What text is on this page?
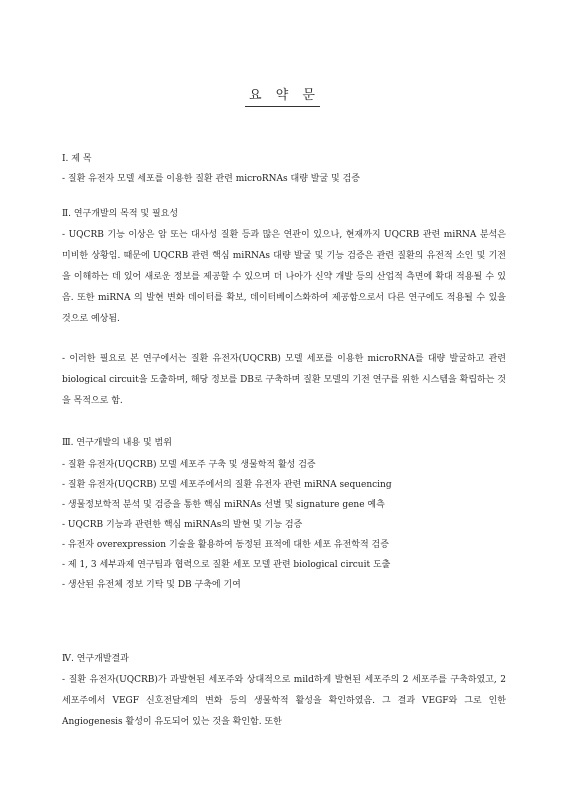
요 약 문
Ⅰ. 제 목
- 질환 유전자 모델 세포를 이용한 질환 관련 microRNAs 대량 발굴 및 검증
Ⅱ. 연구개발의 목적 및 필요성
- UQCRB 기능 이상은 암 또는 대사성 질환 등과 많은 연관이 있으나, 현재까지 UQCRB 관련 miRNA 분석은 미비한 상황임. 때문에 UQCRB 관련 핵심 miRNAs 대량 발굴 및 기능 검증은 관련 질환의 유전적 소인 및 기전을 이해하는 데 있어 새로운 정보를 제공할 수 있으며 더 나아가 신약 개발 등의 산업적 측면에 확대 적용될 수 있음. 또한 miRNA 의 발현 변화 데이터를 확보, 데이터베이스화하여 제공함으로서 다른 연구에도 적용될 수 있을 것으로 예상됨.
- 이러한 필요로 본 연구에서는 질환 유전자(UQCRB) 모델 세포를 이용한 microRNA를 대량 발굴하고 관련 biological circuit을 도출하며, 해당 정보를 DB로 구축하며 질환 모델의 기전 연구를 위한 시스템을 확립하는 것을 목적으로 함.
Ⅲ. 연구개발의 내용 및 범위
- 질환 유전자(UQCRB) 모델 세포주 구축 및 생물학적 활성 검증
- 질환 유전자(UQCRB) 모델 세포주에서의 질환 유전자 관련 miRNA sequencing
- 생물정보학적 분석 및 검증을 통한 핵심 miRNAs 선별 및 signature gene 예측
- UQCRB 기능과 관련한 핵심 miRNAs의 발현 및 기능 검증
- 유전자 overexpression 기술을 활용하여 동정된 표적에 대한 세포 유전학적 검증
- 제 1, 3 세부과제 연구팀과 협력으로 질환 세포 모델 관련 biological circuit 도출
- 생산된 유전체 정보 기탁 및 DB 구축에 기여
Ⅳ. 연구개발결과
- 질환 유전자(UQCRB)가 과발현된 세포주와 상대적으로 mild하게 발현된 세포주의 2 세포주를 구축하였고, 2 세포주에서 VEGF 신호전달계의 변화 등의 생물학적 활성을 확인하였음. 그 결과 VEGF와 그로 인한 Angiogenesis 활성이 유도되어 있는 것을 확인함. 또한
